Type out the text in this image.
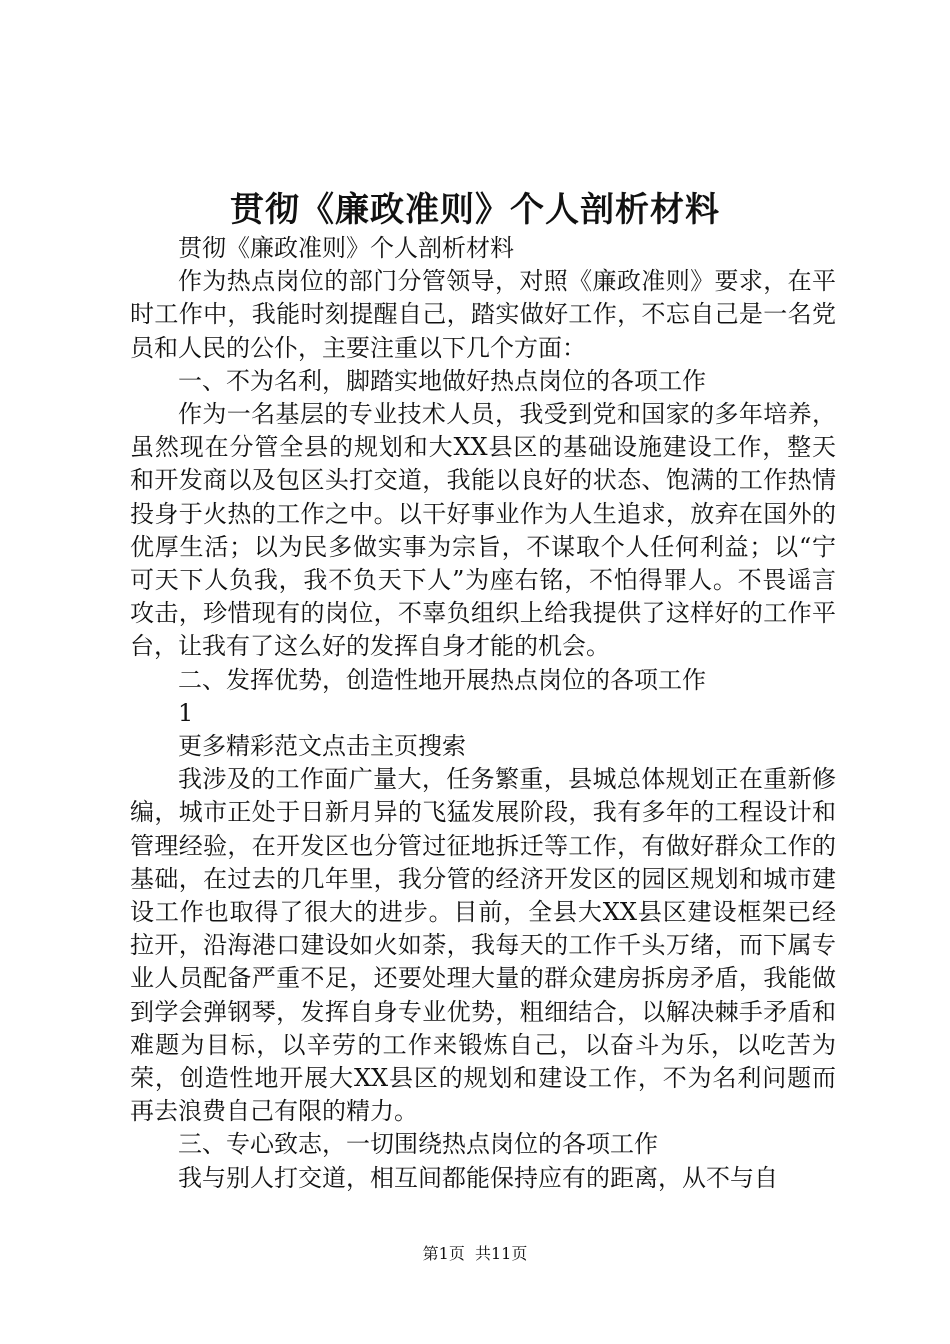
贯彻《廉政准则》个人剖析材料

贯彻《廉政准则》个人剖析材料

作为热点岗位的部门分管领导，对照《廉政准则》要求，在平时工作中，我能时刻提醒自己，踏实做好工作，不忘自己是一名党员和人民的公仆，主要注重以下几个方面：

一、不为名利，脚踏实地做好热点岗位的各项工作

作为一名基层的专业技术人员，我受到党和国家的多年培养，虽然现在分管全县的规划和大XX县区的基础设施建设工作，整天和开发商以及包区头打交道，我能以良好的状态、饱满的工作热情投身于火热的工作之中。以干好事业作为人生追求，放弃在国外的优厚生活；以为民多做实事为宗旨，不谋取个人任何利益；以“宁可天下人负我，我不负天下人”为座右铭，不怕得罪人。不畏谣言攻击，珍惜现有的岗位，不辜负组织上给我提供了这样好的工作平台，让我有了这么好的发挥自身才能的机会。

二、发挥优势，创造性地开展热点岗位的各项工作

1

更多精彩范文点击主页搜索

我涉及的工作面广量大，任务繁重，县城总体规划正在重新修编，城市正处于日新月异的飞猛发展阶段，我有多年的工程设计和管理经验，在开发区也分管过征地拆迁等工作，有做好群众工作的基础，在过去的几年里，我分管的经济开发区的园区规划和城市建设工作也取得了很大的进步。目前，全县大XX县区建设框架已经拉开，沿海港口建设如火如荼，我每天的工作千头万绪，而下属专业人员配备严重不足，还要处理大量的群众建房拆房矛盾，我能做到学会弹钢琴，发挥自身专业优势，粗细结合，以解决棘手矛盾和难题为目标，以辛劳的工作来锻炼自己，以奋斗为乐，以吃苦为荣，创造性地开展大XX县区的规划和建设工作，不为名利问题而再去浪费自己有限的精力。

三、专心致志，一切围绕热点岗位的各项工作

我与别人打交道，相互间都能保持应有的距离，从不与自

第1页  共11页
